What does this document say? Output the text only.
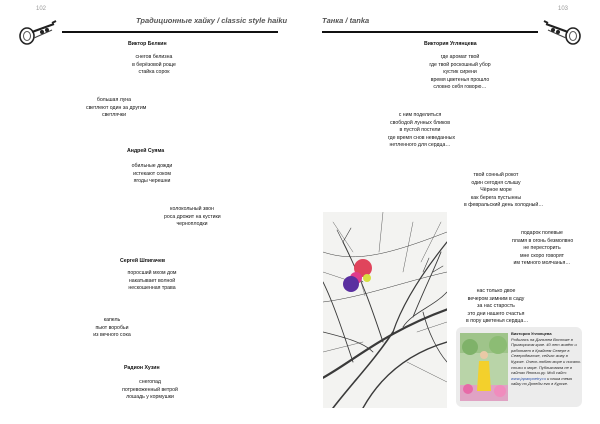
102
Традиционные хайку / classic style haiku
Виктор Белкин
снегов белизна
в берёзовой роще
стайка сорок
большая луна
светлеют один за другим
светлячки
Андрей Суяма
обильные дожди
истекают соком
ягоды черешни
колокольный звон
роса дрожит на кустики
черноплодки
Сергей Шпигачев
поросший мхом дом
накатывает волной
нескошенная трава
капель
пьют воробьи
из вечного сока
Радион Хузин
снегопад
потревоженный ветрой
лошадь у кормушки
103
Танка / tanka
Виктория Углянцева
где аромат твой
где твой роскошный убор
кустик сирени
время цветенья прошло
словно себя говорю…
с ним поделиться
свободой лунных бликов
в пустой постели
где время снов неведанных
нетленного для сердца…
твой сонный рокот
один сегодня слышу
Чёрное море
как берега пустынны
в февральский день холодный…
подарок полевые
пламя в огонь безмолвно
не пересторить
мне скоро говорят
им темного молчанья…
нас только двое
вечером зимним в саду
за нас старость
это дни нашего счастья
в пору цветенья сердца…
Виктория Углянцева
Родилась на Дальнем Востоке в Приморском крае. 40 лет живёт и работает в Крайнем Севере в Северодвинске, сейчас живу в Курске. Очень люблю море и писать стихи о море. Публиковала не в сайтах Японии.ру. Мой сайт: www.japanpoetry.ru и наша тема хайку по Донеды его в Курске.
